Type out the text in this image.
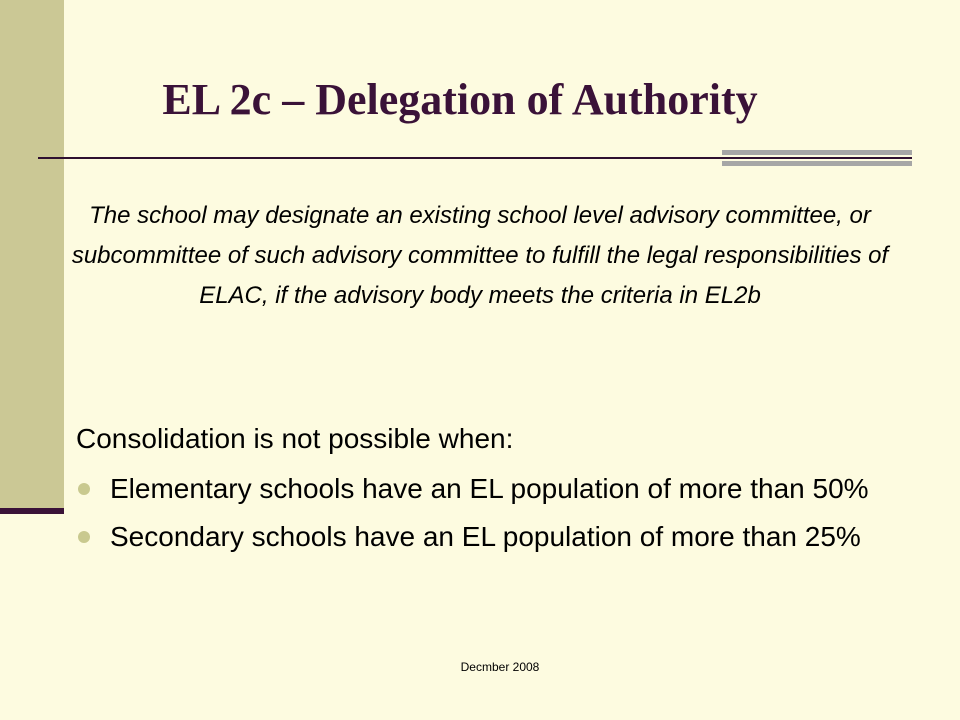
EL 2c – Delegation of Authority

The school may designate an existing school level advisory committee, or subcommittee of such advisory committee to fulfill the legal responsibilities of ELAC, if the advisory body meets the criteria in EL2b

Consolidation is not possible when:

Elementary schools have an EL population of more than 50%
Secondary schools have an EL population of more than 25%
Decmber 2008
